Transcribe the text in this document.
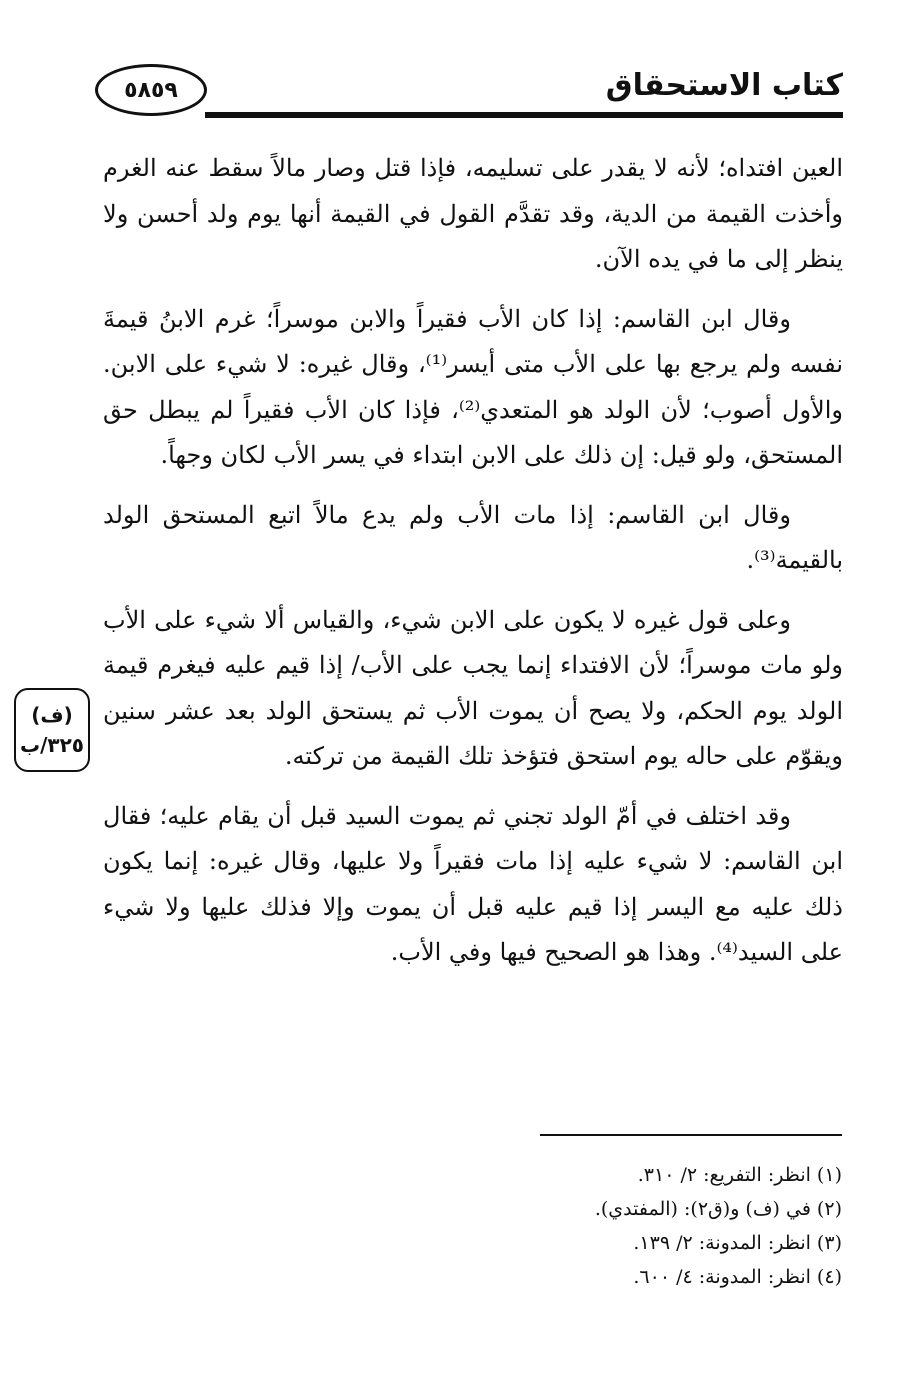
كتاب الاستحقاق
٥٨٥٩

العين افتداه؛ لأنه لا يقدر على تسليمه، فإذا قتل وصار مالاً سقط عنه الغرم وأخذت القيمة من الدية، وقد تقدَّم القول في القيمة أنها يوم ولد أحسن ولا ينظر إلى ما في يده الآن.

وقال ابن القاسم: إذا كان الأب فقيراً والابن موسراً؛ غرم الابنُ قيمةَ نفسه ولم يرجع بها على الأب متى أيسر⁽¹⁾، وقال غيره: لا شيء على الابن. والأول أصوب؛ لأن الولد هو المتعدي⁽²⁾، فإذا كان الأب فقيراً لم يبطل حق المستحق، ولو قيل: إن ذلك على الابن ابتداء في يسر الأب لكان وجهاً.

وقال ابن القاسم: إذا مات الأب ولم يدع مالاً اتبع المستحق الولد بالقيمة⁽³⁾.

وعلى قول غيره لا يكون على الابن شيء، والقياس ألا شيء على الأب ولو مات موسراً؛ لأن الافتداء إنما يجب على الأب/ إذا قيم عليه فيغرم قيمة الولد يوم الحكم، ولا يصح أن يموت الأب ثم يستحق الولد بعد عشر سنين ويقوّم على حاله يوم استحق فتؤخذ تلك القيمة من تركته.

وقد اختلف في أمّ الولد تجني ثم يموت السيد قبل أن يقام عليه؛ فقال ابن القاسم: لا شيء عليه إذا مات فقيراً ولا عليها، وقال غيره: إنما يكون ذلك عليه مع اليسر إذا قيم عليه قبل أن يموت وإلا فذلك عليها ولا شيء على السيد⁽⁴⁾. وهذا هو الصحيح فيها وفي الأب.

(ف)
٣٢٥/ب

(١) انظر: التفريع: ٢/ ٣١٠.

(٢) في (ف) و(ق٢): (المفتدي).

(٣) انظر: المدونة: ٢/ ١٣٩.

(٤) انظر: المدونة: ٤/ ٦٠٠.
